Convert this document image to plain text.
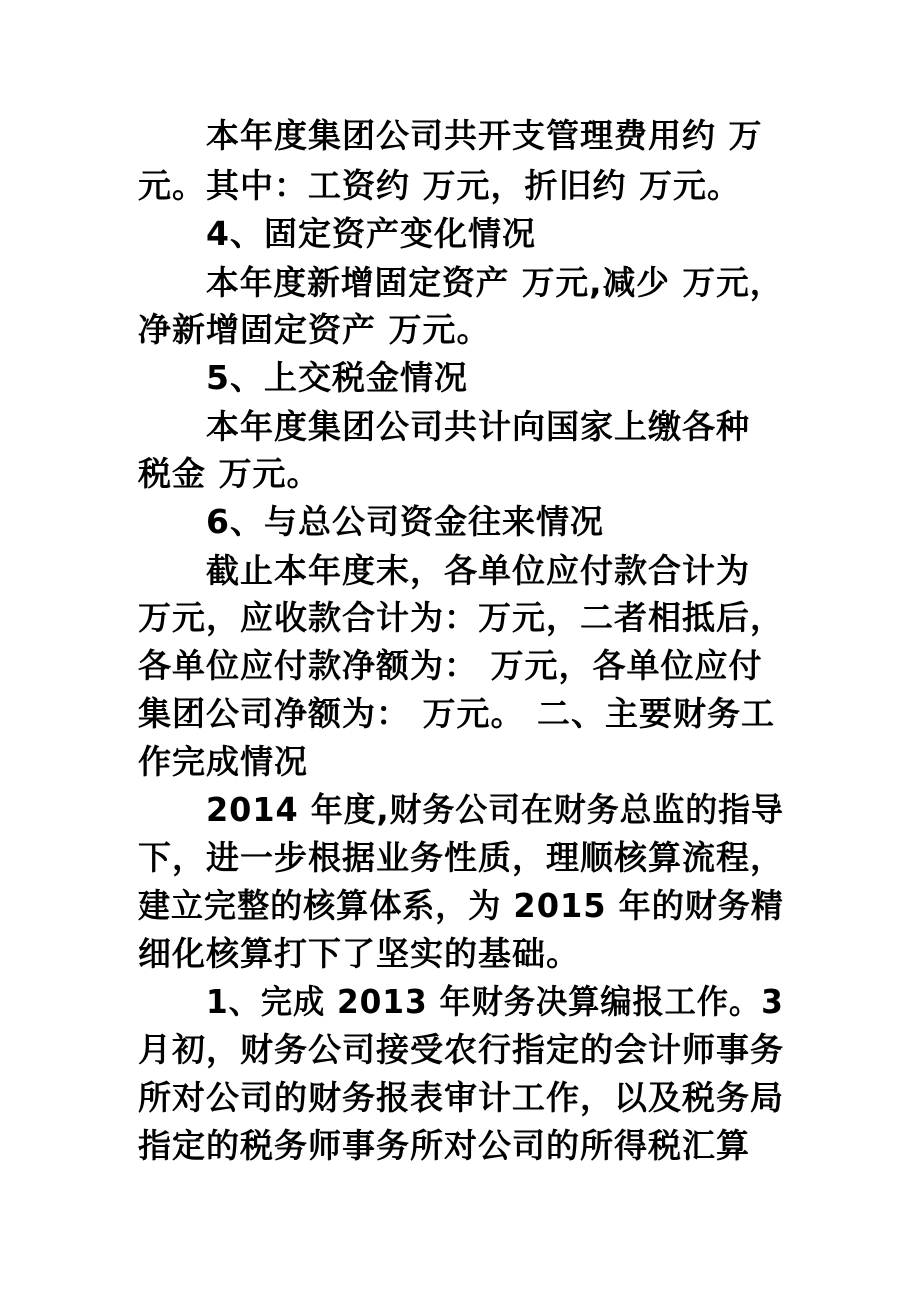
本年度集团公司共开支管理费用约 万
元。其中：工资约 万元，折旧约 万元。
4、固定资产变化情况
本年度新增固定资产 万元,减少 万元，
净新增固定资产 万元。
5、上交税金情况
本年度集团公司共计向国家上缴各种
税金 万元。
6、与总公司资金往来情况
截止本年度末，各单位应付款合计为
万元，应收款合计为：万元，二者相抵后，
各单位应付款净额为： 万元，各单位应付
集团公司净额为： 万元。 二、主要财务工
作完成情况
2014 年度,财务公司在财务总监的指导
下，进一步根据业务性质，理顺核算流程，
建立完整的核算体系，为 2015 年的财务精
细化核算打下了坚实的基础。
1、完成 2013 年财务决算编报工作。3
月初，财务公司接受农行指定的会计师事务
所对公司的财务报表审计工作，以及税务局
指定的税务师事务所对公司的所得税汇算
